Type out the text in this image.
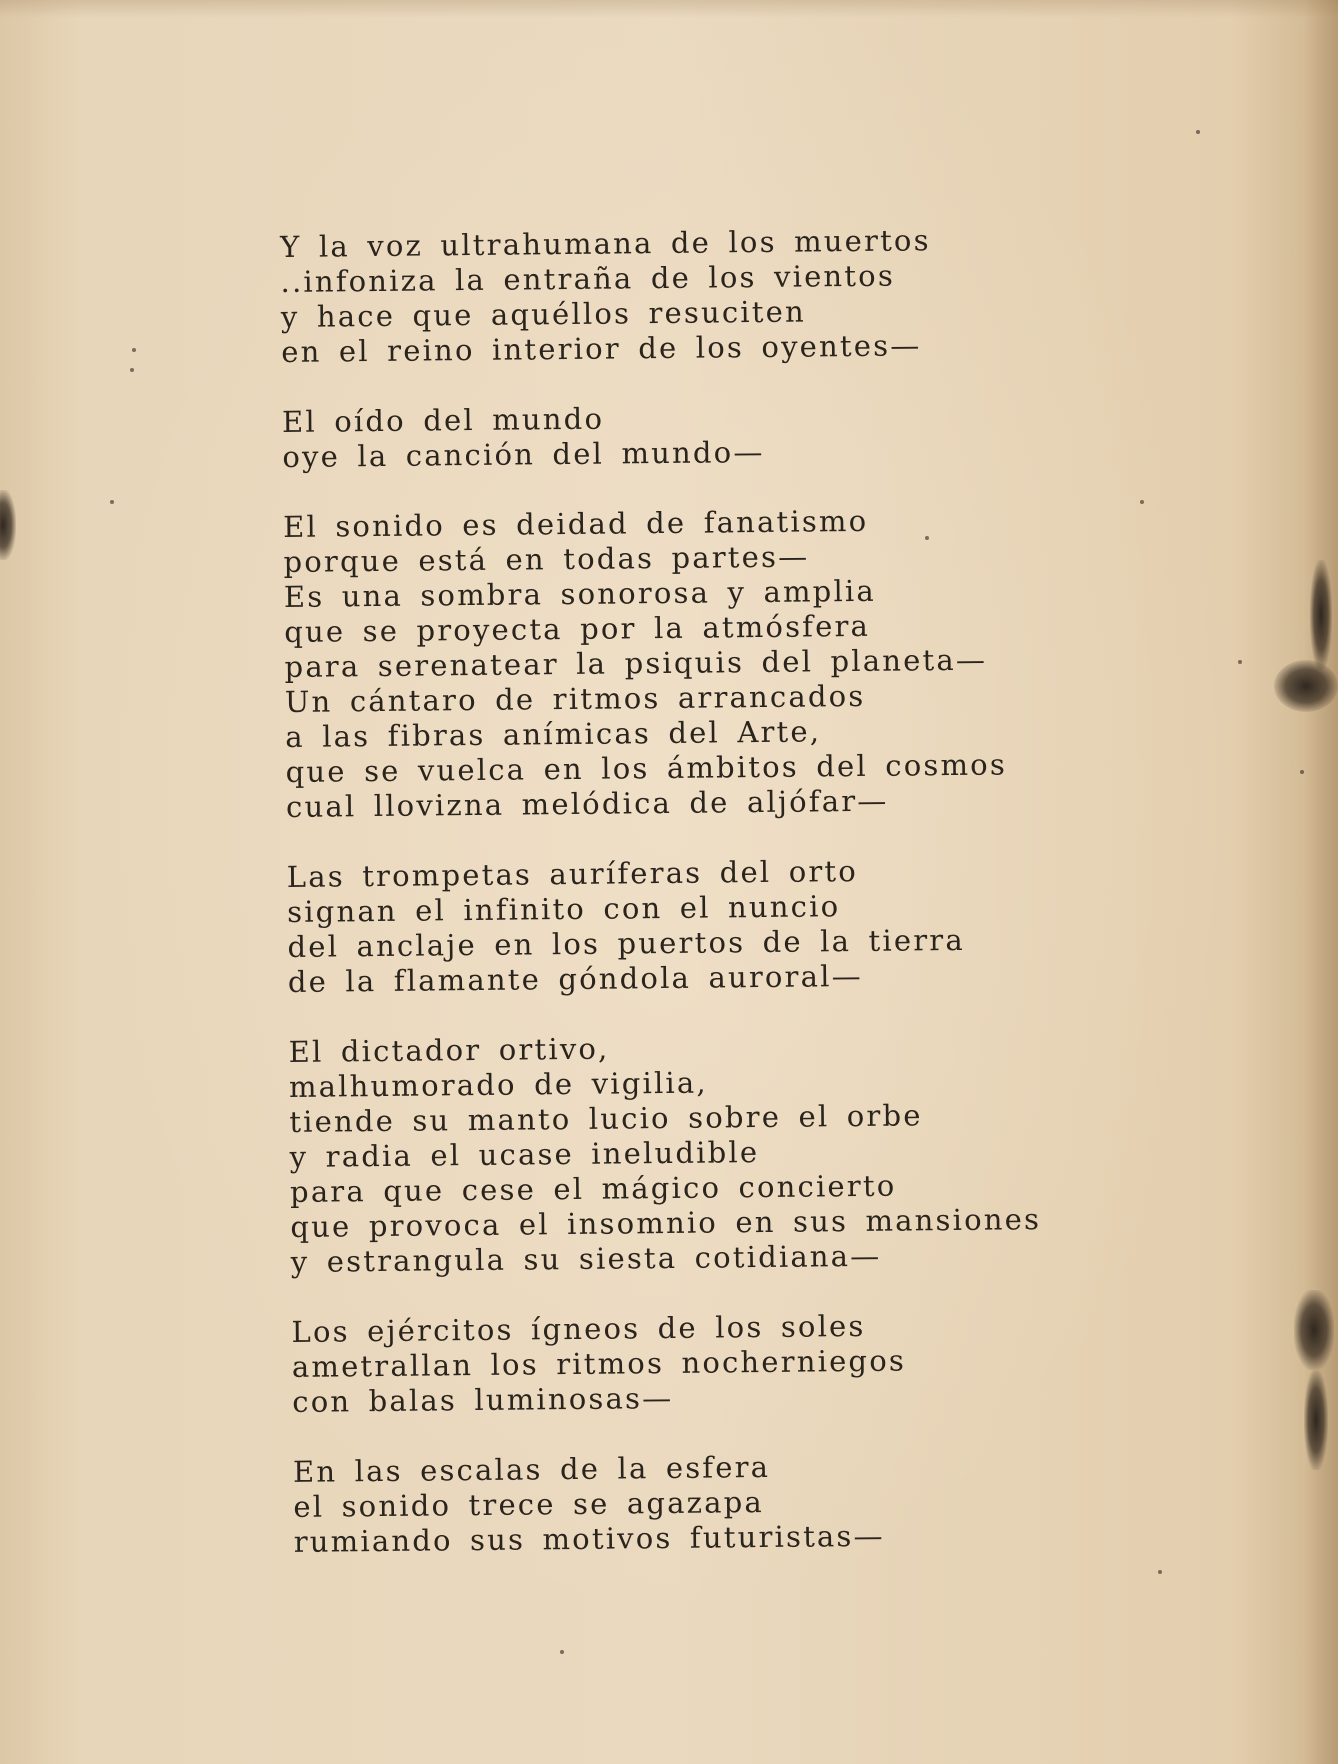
Y la voz ultrahumana de los muertos
..infoniza la entraña de los vientos
y hace que aquéllos resuciten
en el reino interior de los oyentes—
El oído del mundo
oye la canción del mundo—
El sonido es deidad de fanatismo
porque está en todas partes—
Es una sombra sonorosa y amplia
que se proyecta por la atmósfera
para serenatear la psiquis del planeta—
Un cántaro de ritmos arrancados
a las fibras anímicas del Arte,
que se vuelca en los ámbitos del cosmos
cual llovizna melódica de aljófar—
Las trompetas auríferas del orto
signan el infinito con el nuncio
del anclaje en los puertos de la tierra
de la flamante góndola auroral—
El dictador ortivo,
malhumorado de vigilia,
tiende su manto lucio sobre el orbe
y radia el ucase ineludible
para que cese el mágico concierto
que provoca el insomnio en sus mansiones
y estrangula su siesta cotidiana—
Los ejércitos ígneos de los soles
ametrallan los ritmos nocherniegos
con balas luminosas—
En las escalas de la esfera
el sonido trece se agazapa
rumiando sus motivos futuristas—
